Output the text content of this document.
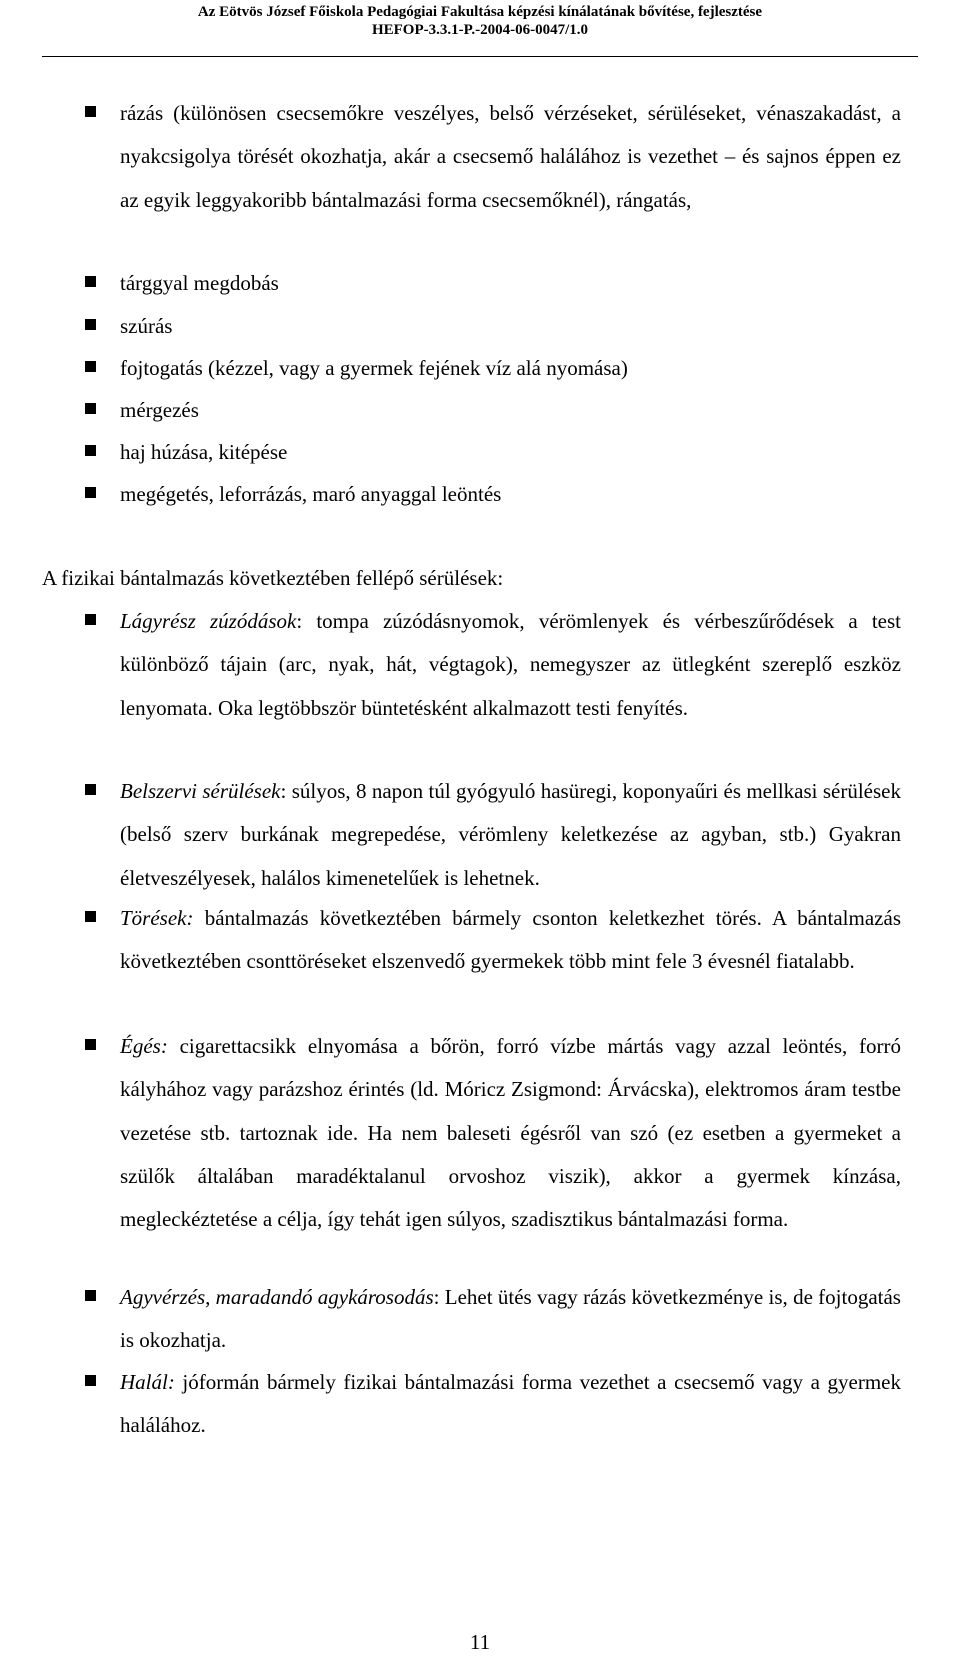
Az Eötvös József Főiskola Pedagógiai Fakultása képzési kínálatának bővítése, fejlesztése
HEFOP-3.3.1-P.-2004-06-0047/1.0
rázás (különösen csecsemőkre veszélyes, belső vérzéseket, sérüléseket, vénaszakadást, a nyakcsigolya törését okozhatja, akár a csecsemő halálához is vezethet – és sajnos éppen ez az egyik leggyakoribb bántalmazási forma csecsemőknél), rángatás,
tárggyal megdobás
szúrás
fojtogatás (kézzel, vagy a gyermek fejének víz alá nyomása)
mérgezés
haj húzása, kitépése
megégetés, leforrázás, maró anyaggal leöntés
A fizikai bántalmazás következtében fellépő sérülések:
Lágyrész zúzódások: tompa zúzódásnyomok, vérömlenyek és vérbeszűrődések a test különböző tájain (arc, nyak, hát, végtagok), nemegyszer az ütlegként szereplő eszköz lenyomata. Oka legtöbbször büntetésként alkalmazott testi fenyítés.
Belszervi sérülések: súlyos, 8 napon túl gyógyuló hasüregi, koponyaűri és mellkasi sérülések (belső szerv burkának megrepedése, vérömleny keletkezése az agyban, stb.) Gyakran életveszélyesek, halálos kimenetelűek is lehetnek.
Törések: bántalmazás következtében bármely csonton keletkezhet törés. A bántalmazás következtében csonttöréseket elszenvedő gyermekek több mint fele 3 évesnél fiatalabb.
Égés: cigarettacsikk elnyomása a bőrön, forró vízbe mártás vagy azzal leöntés, forró kályhához vagy parázshoz érintés (ld. Móricz Zsigmond: Árvácska), elektromos áram testbe vezetése stb. tartoznak ide. Ha nem baleseti égésről van szó (ez esetben a gyermeket a szülők általában maradéktalanul orvoshoz viszik), akkor a gyermek kínzása, megleckéztetése a célja, így tehát igen súlyos, szadisztikus bántalmazási forma.
Agyvérzés, maradandó agykárosodás: Lehet ütés vagy rázás következménye is, de fojtogatás is okozhatja.
Halál: jóformán bármely fizikai bántalmazási forma vezethet a csecsemő vagy a gyermek halálához.
11
